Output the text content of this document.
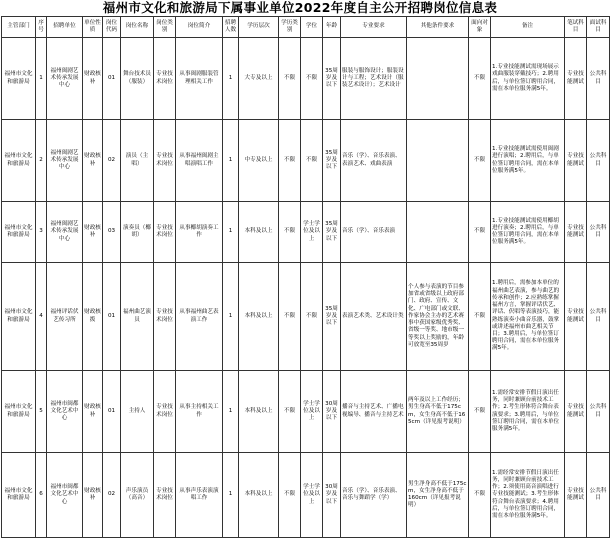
福州市文化和旅游局下属事业单位2022年度自主公开招聘岗位信息表
主管部门	序号	招聘单位	单位性质	岗位代码	岗位名称	岗位类别	岗位简介	招聘人数	学历层次	学历类别	学位	年龄	专业要求	其他条件要求	面向对象	备注	笔试科目	面试科目
福州市文化和旅游局	1	福州闽剧艺术传承发展中心	财政核补	01	舞台技术员（服装）	专业技术岗位	从事闽剧服装管理相关工作	1	大专及以上	不限	不限	35周岁及以下	服装与服饰设计；服装设计与工程；艺术设计（服装艺术设计）；艺术设计		不限	1.专业技能测试需现场展示戏曲服装穿戴技巧；2.聘用后，与单位签订聘用合同，需在本单位服务满5年。	专业技能测试	公共科目
福州市文化和旅游局	2	福州闽剧艺术传承发展中心	财政核补	02	演员（主唱）	专业技术岗位	从事福州闽剧主唱演唱工作	1	中专及以上	不限	不限	35周岁及以下	音乐（学）、音乐表演、表演艺术、戏曲表演		不限	1.专业技能测试需使用闽剧进行演唱；2.聘用后，与单位签订聘用合同，需在本单位服务满5年。	专业技能测试	公共科目
福州市文化和旅游局	3	福州闽剧艺术传承发展中心	财政核补	03	演奏员（椰胡）	专业技术岗位	从事椰胡演奏工作	1	本科及以上	不限	学士学位及以上	35周岁及以下	音乐（学）、音乐表演		不限	1.专业技能测试需使用椰胡进行演奏；2.聘用后，与单位签订聘用合同，需在本单位服务满5年。	专业技能测试	公共科目
福州市文化和旅游局	4	福州评话伏艺传习所	财政核拨	01	福州曲艺演员	专业技术岗位	从事福州曲艺表演工作	1	本科及以上	不限	不限	35周岁及以下	表演艺术类、艺术设计类	个人参与表演的节目参加省或省级以上政府部门、政府、宣传、文化、广电部门或文联、作家协会主办的艺术赛事中获国家级优秀奖、省级一等奖、地市级一等奖以上奖励的，年龄可放宽至35周岁	不限	1.聘用后，需参加本单位的福州曲艺表演，参与曲艺的传承和创作；2.应熟练掌握福州方言，掌握评话伏艺、评话、伬唱等表演技巧，能熟练演奏小曲音乐器，鼓掌或讲述福州市曲艺相关节目；3.聘用后，与单位签订聘用合同，需在本单位服务满5年。	专业技能测试	公共科目
福州市文化和旅游局	5	福州市闽都文化艺术中心	财政核补	01	主持人	专业技术岗位	从事主持相关工作	1	本科及以上	不限	学士学位及以上	30周岁及以下	播音与主持艺术、广播电视编导、播音与主持艺术	两年及以上工作经历；男生身高不低于175cm，女生身高不低于165cm（详见报考说明）	不限	1.需经常安排节假日演出任务，同时兼顾台前技术工作；2.考生形体符合舞台表演要求；3.聘用后，与单位签订聘用合同，需在本单位服务满5年。	专业技能测试	公共科目
福州市文化和旅游局	6	福州市闽都文化艺术中心	财政核补	02	声乐演员（高音）	专业技术岗位	从事声乐表演演唱工作	1	本科及以上	不限	学士学位及以上	30周岁及以下	音乐（学）、音乐表演、音乐与舞蹈学（学）	男生净身高不低于175cm，女生净身高不低于160cm（详见报考说明）	不限	1.需经常安排节假日演出任务，同时兼顾台前技术工作；2.须使用高音演唱进行专业技能测试；3.考生形体符合舞台表演要求；4.聘用后，与单位签订聘用合同，需在本单位服务满5年。	专业技能测试	公共科目
